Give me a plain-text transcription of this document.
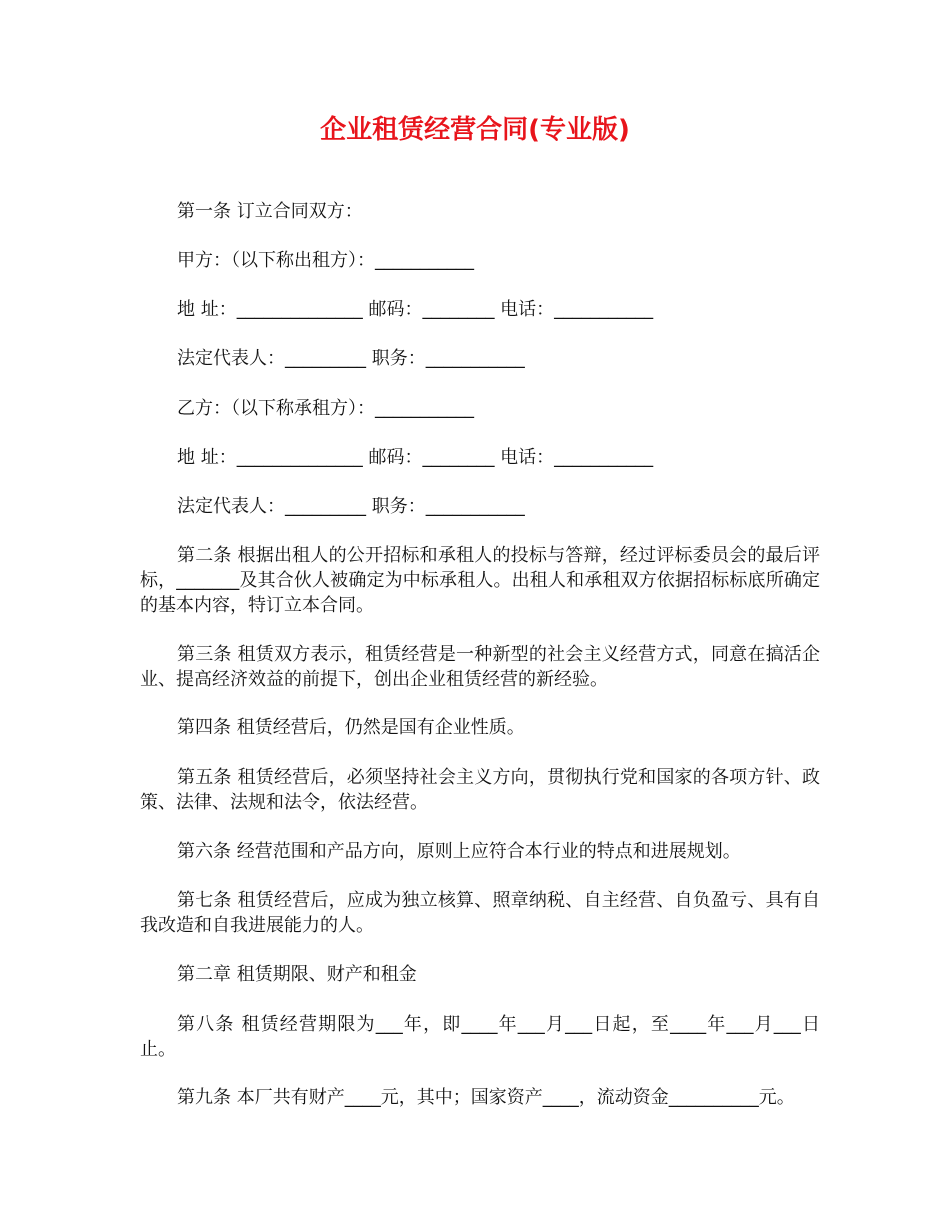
企业租赁经营合同(专业版)
第一条 订立合同双方：
甲方：（以下称出租方）：___________
地 址：______________ 邮码：________ 电话：___________
法定代表人：_________ 职务：___________
乙方：（以下称承租方）：___________
地 址：______________ 邮码：________ 电话：___________
法定代表人：_________ 职务：___________
第二条 根据出租人的公开招标和承租人的投标与答辩，经过评标委员会的最后评标，_______及其合伙人被确定为中标承租人。出租人和承租双方依据招标标底所确定的基本内容，特订立本合同。
第三条 租赁双方表示，租赁经营是一种新型的社会主义经营方式，同意在搞活企业、提高经济效益的前提下，创出企业租赁经营的新经验。
第四条 租赁经营后，仍然是国有企业性质。
第五条 租赁经营后，必须坚持社会主义方向，贯彻执行党和国家的各项方针、政策、法律、法规和法令，依法经营。
第六条 经营范围和产品方向，原则上应符合本行业的特点和进展规划。
第七条 租赁经营后，应成为独立核算、照章纳税、自主经营、自负盈亏、具有自我改造和自我进展能力的人。
第二章 租赁期限、财产和租金
第八条 租赁经营期限为___年，即____年___月___日起，至____年___月___日止。
第九条 本厂共有财产____元，其中；国家资产____，流动资金__________元。
